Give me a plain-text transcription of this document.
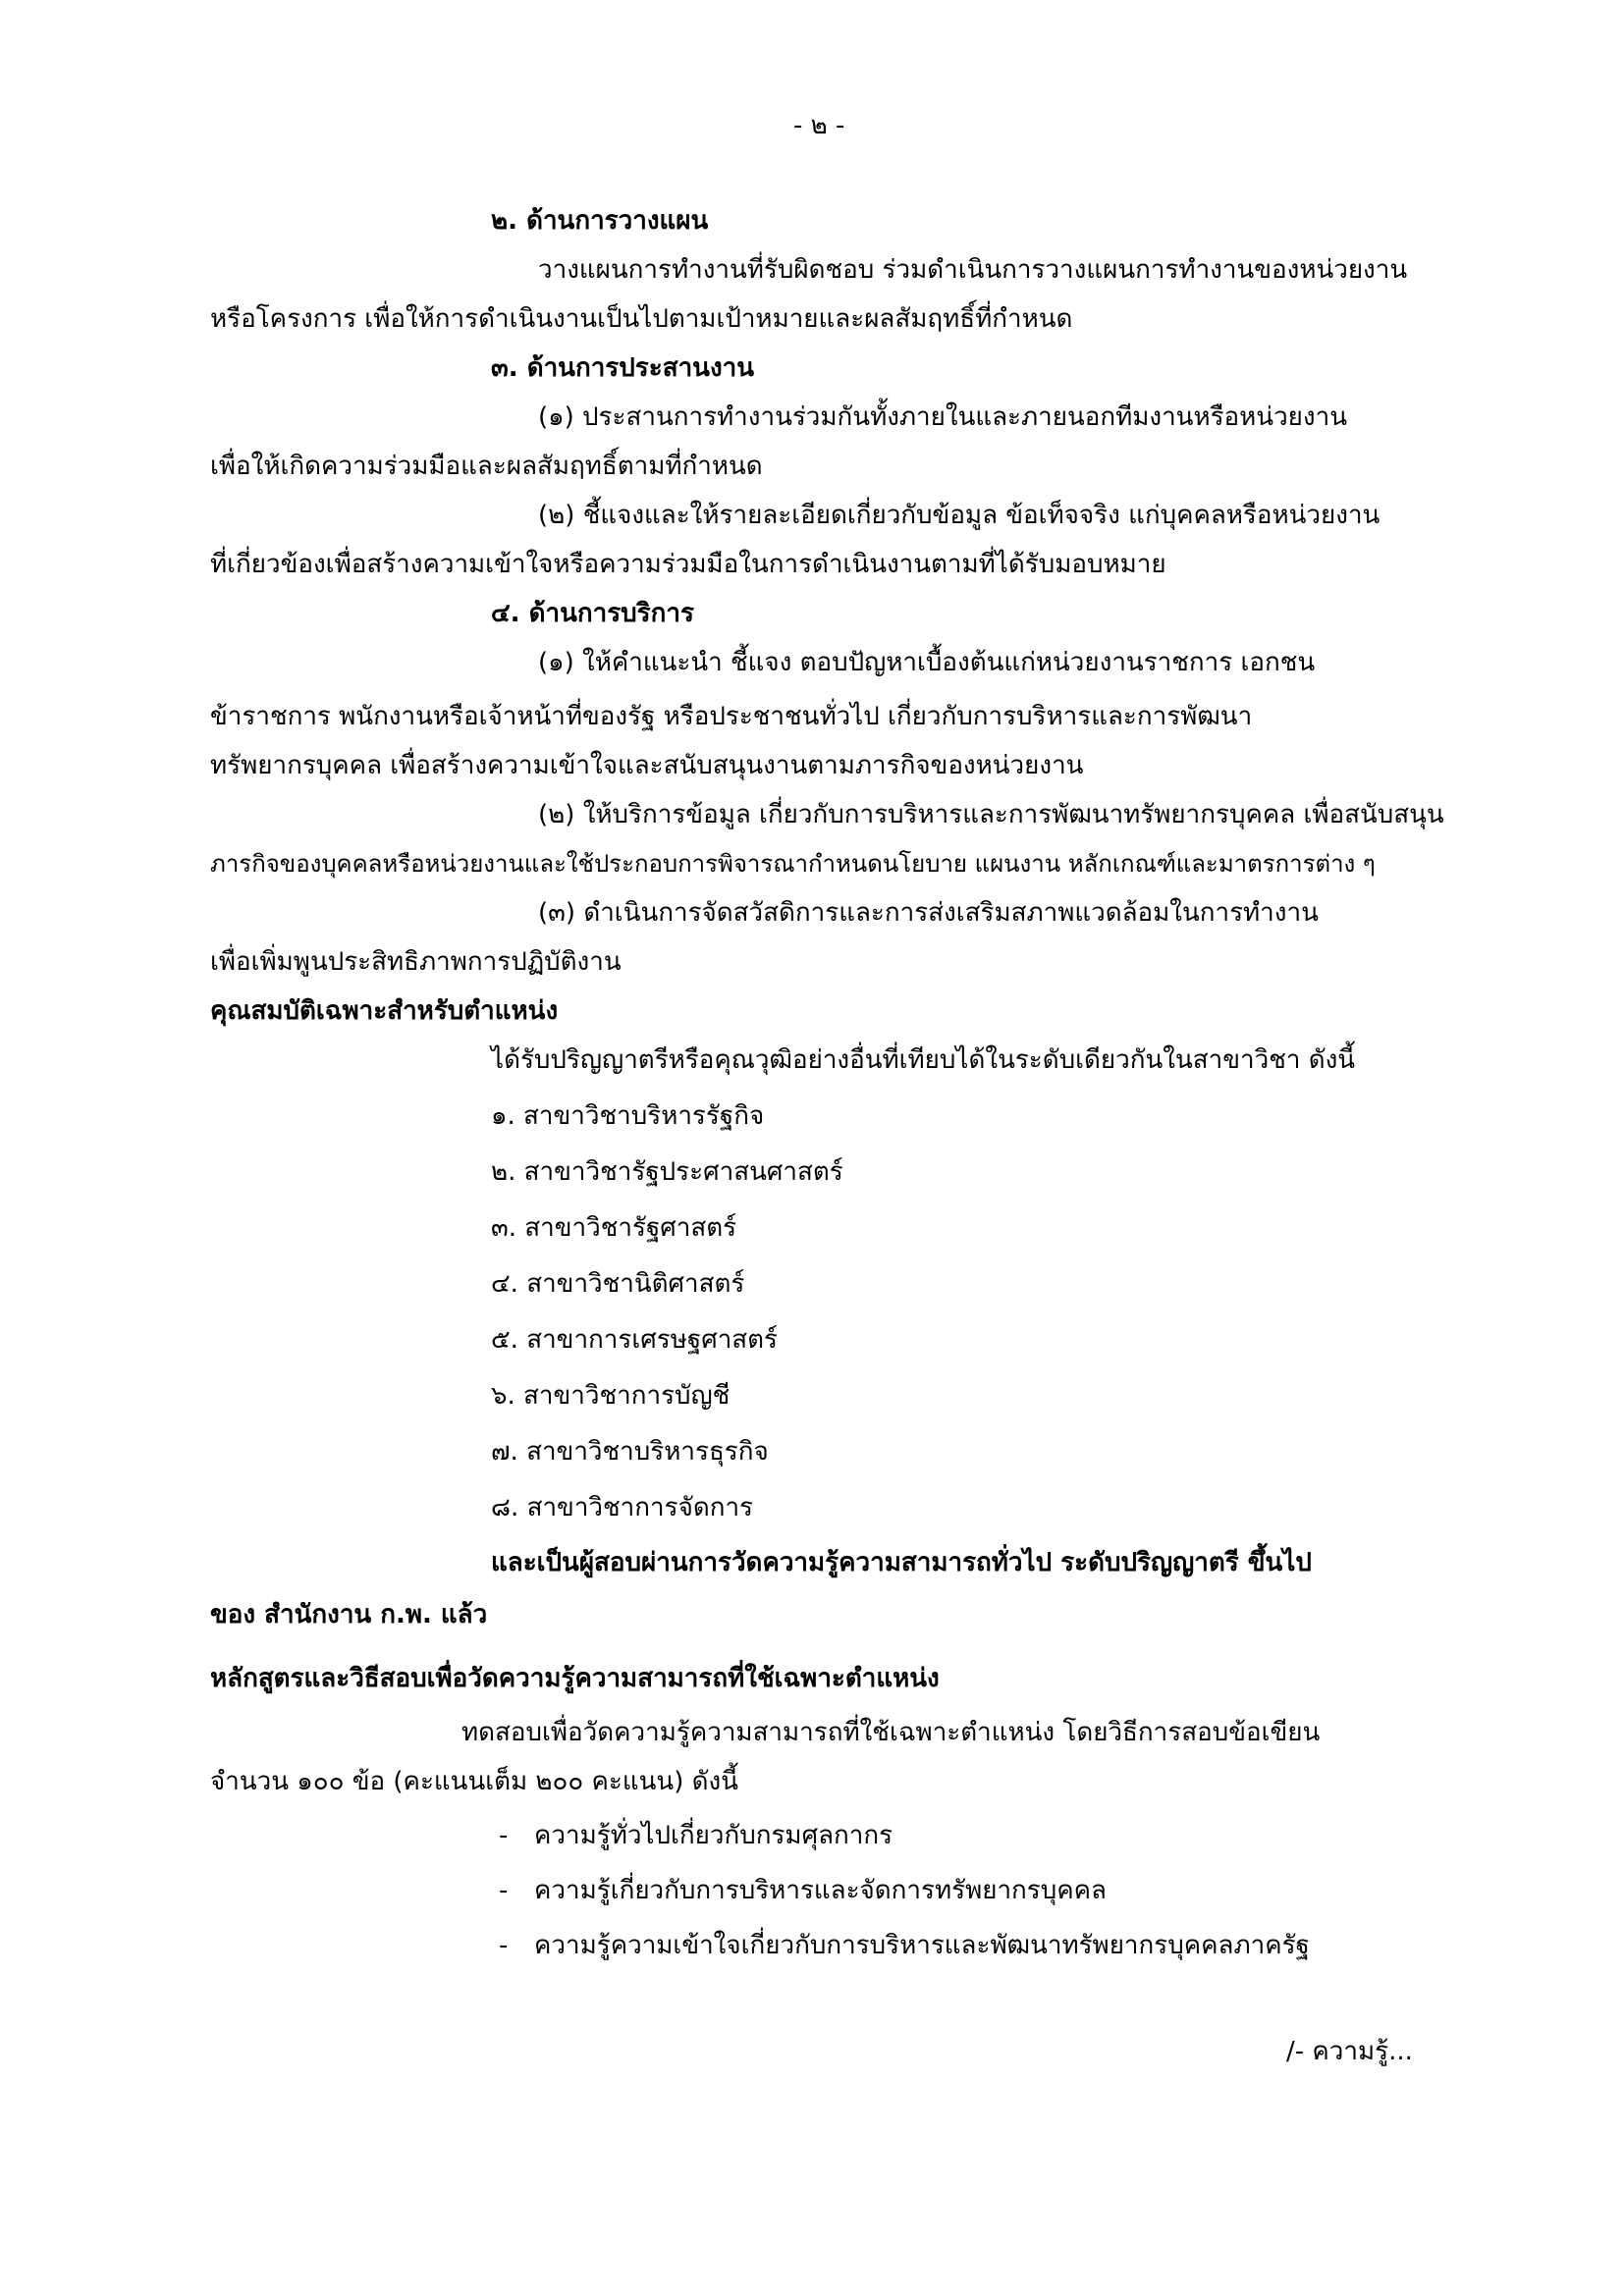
- ๒ -
๒. ด้านการวางแผน
วางแผนการทำงานที่รับผิดชอบ ร่วมดำเนินการวางแผนการทำงานของหน่วยงาน
หรือโครงการ เพื่อให้การดำเนินงานเป็นไปตามเป้าหมายและผลสัมฤทธิ์ที่กำหนด
๓. ด้านการประสานงาน
(๑) ประสานการทำงานร่วมกันทั้งภายในและภายนอกทีมงานหรือหน่วยงาน
เพื่อให้เกิดความร่วมมือและผลสัมฤทธิ์ตามที่กำหนด
(๒) ชี้แจงและให้รายละเอียดเกี่ยวกับข้อมูล ข้อเท็จจริง แก่บุคคลหรือหน่วยงาน
ที่เกี่ยวข้องเพื่อสร้างความเข้าใจหรือความร่วมมือในการดำเนินงานตามที่ได้รับมอบหมาย
๔. ด้านการบริการ
(๑) ให้คำแนะนำ ชี้แจง ตอบปัญหาเบื้องต้นแก่หน่วยงานราชการ เอกชน
ข้าราชการ พนักงานหรือเจ้าหน้าที่ของรัฐ หรือประชาชนทั่วไป เกี่ยวกับการบริหารและการพัฒนา
ทรัพยากรบุคคล เพื่อสร้างความเข้าใจและสนับสนุนงานตามภารกิจของหน่วยงาน
(๒) ให้บริการข้อมูล เกี่ยวกับการบริหารและการพัฒนาทรัพยากรบุคคล เพื่อสนับสนุน
ภารกิจของบุคคลหรือหน่วยงานและใช้ประกอบการพิจารณากำหนดนโยบาย แผนงาน หลักเกณฑ์และมาตรการต่าง ๆ
(๓) ดำเนินการจัดสวัสดิการและการส่งเสริมสภาพแวดล้อมในการทำงาน
เพื่อเพิ่มพูนประสิทธิภาพการปฏิบัติงาน
คุณสมบัติเฉพาะสำหรับตำแหน่ง
ได้รับปริญญาตรีหรือคุณวุฒิอย่างอื่นที่เทียบได้ในระดับเดียวกันในสาขาวิชา ดังนี้
๑. สาขาวิชาบริหารรัฐกิจ
๒. สาขาวิชารัฐประศาสนศาสตร์
๓. สาขาวิชารัฐศาสตร์
๔. สาขาวิชานิติศาสตร์
๕. สาขาการเศรษฐศาสตร์
๖. สาขาวิชาการบัญชี
๗. สาขาวิชาบริหารธุรกิจ
๘. สาขาวิชาการจัดการ
และเป็นผู้สอบผ่านการวัดความรู้ความสามารถทั่วไป ระดับปริญญาตรี ขึ้นไป
ของ สำนักงาน ก.พ. แล้ว
หลักสูตรและวิธีสอบเพื่อวัดความรู้ความสามารถที่ใช้เฉพาะตำแหน่ง
ทดสอบเพื่อวัดความรู้ความสามารถที่ใช้เฉพาะตำแหน่ง โดยวิธีการสอบข้อเขียน
จำนวน ๑๐๐ ข้อ (คะแนนเต็ม ๒๐๐ คะแนน) ดังนี้
- ความรู้ทั่วไปเกี่ยวกับกรมศุลกากร
- ความรู้เกี่ยวกับการบริหารและจัดการทรัพยากรบุคคล
- ความรู้ความเข้าใจเกี่ยวกับการบริหารและพัฒนาทรัพยากรบุคคลภาครัฐ
/- ความรู้...
